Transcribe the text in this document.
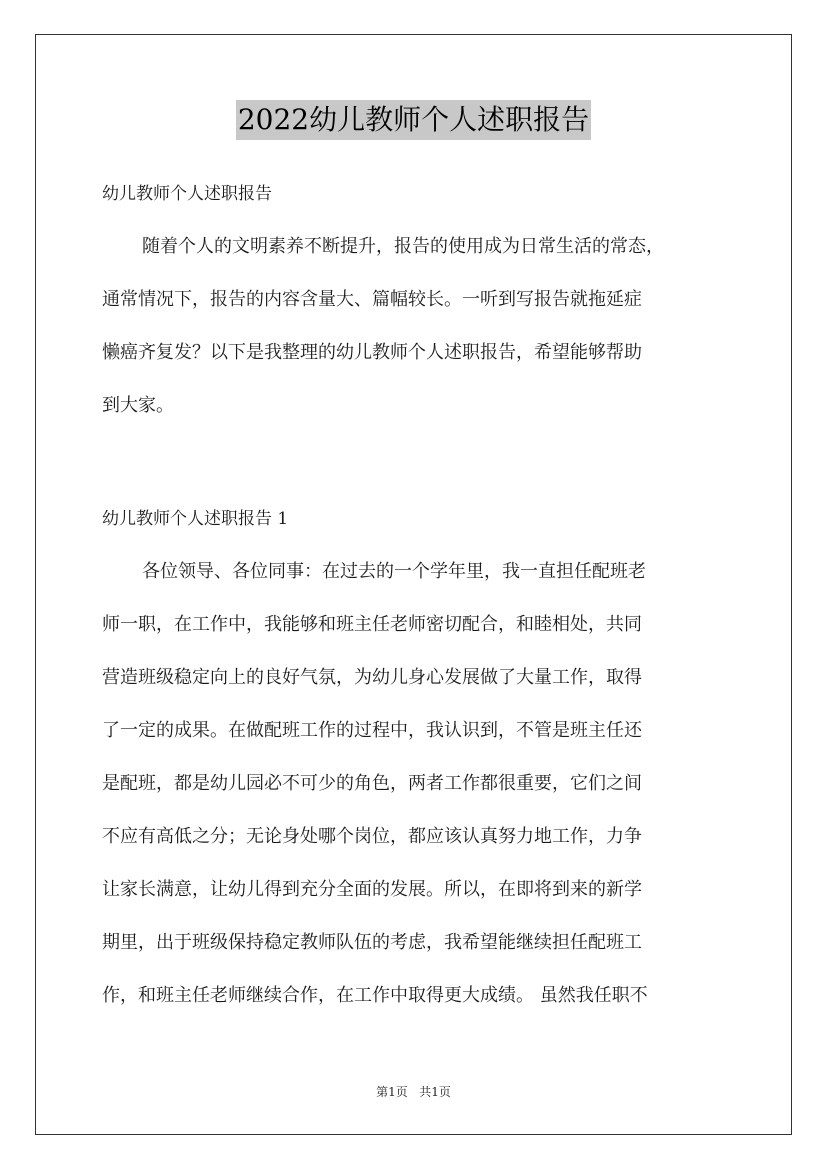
2022幼儿教师个人述职报告
幼儿教师个人述职报告
随着个人的文明素养不断提升，报告的使用成为日常生活的常态，
通常情况下，报告的内容含量大、篇幅较长。一听到写报告就拖延症
懒癌齐复发？以下是我整理的幼儿教师个人述职报告，希望能够帮助
到大家。
幼儿教师个人述职报告 1
各位领导、各位同事：在过去的一个学年里，我一直担任配班老
师一职，在工作中，我能够和班主任老师密切配合，和睦相处，共同
营造班级稳定向上的良好气氛，为幼儿身心发展做了大量工作，取得
了一定的成果。在做配班工作的过程中，我认识到，不管是班主任还
是配班，都是幼儿园必不可少的角色，两者工作都很重要，它们之间
不应有高低之分；无论身处哪个岗位，都应该认真努力地工作，力争
让家长满意，让幼儿得到充分全面的发展。所以，在即将到来的新学
期里，出于班级保持稳定教师队伍的考虑，我希望能继续担任配班工
作，和班主任老师继续合作，在工作中取得更大成绩。 虽然我任职不
第1页 共1页
